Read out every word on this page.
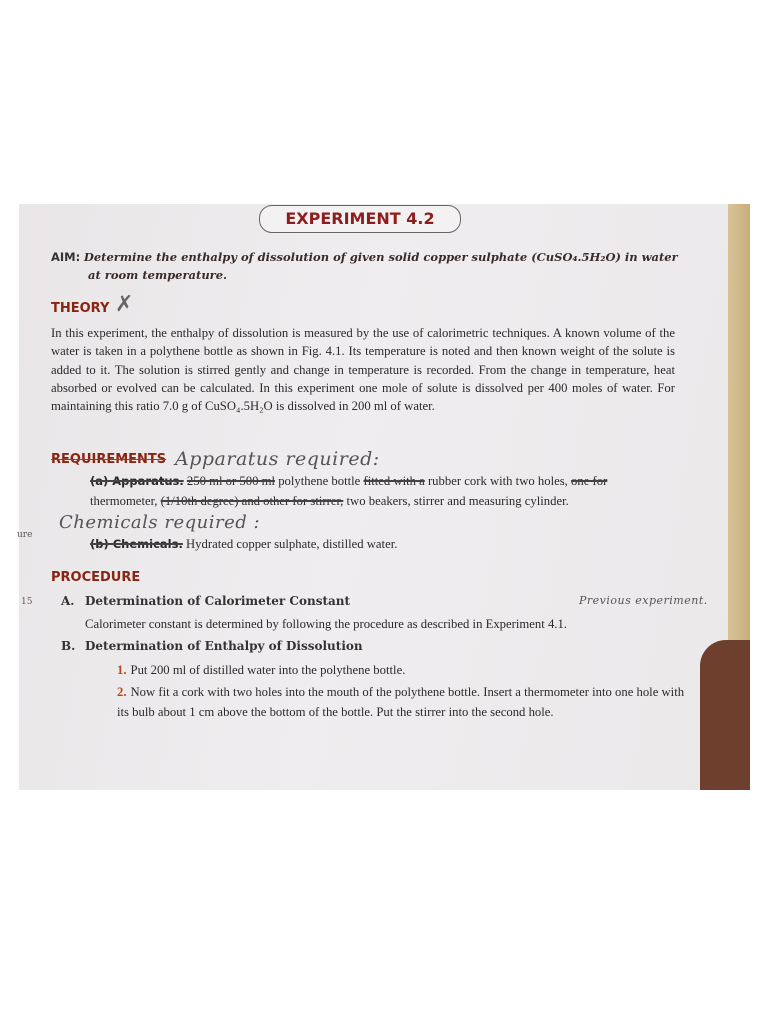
ure
15
EXPERIMENT 4.2
AIM: Determine the enthalpy of dissolution of given solid copper sulphate (CuSO₄.5H₂O) in water
at room temperature.
THEORY ✗

In this experiment, the enthalpy of dissolution is measured by the use of calorimetric techniques. A known volume of the water is taken in a polythene bottle as shown in Fig. 4.1. Its temperature is noted and then known weight of the solute is added to it. The solution is stirred gently and change in temperature is recorded. From the change in temperature, heat absorbed or evolved can be calculated. In this experiment one mole of solute is dissolved per 400 moles of water. For maintaining this ratio 7.0 g of CuSO₄.5H₂O is dissolved in 200 ml of water.

REQUIREMENTS Apparatus required:

(a) Apparatus. 250 ml or 500 ml polythene bottle fitted with a rubber cork with two holes, one for thermometer, (1/10th degree) and other for stirrer, two beakers, stirrer and measuring cylinder.

Chemicals required :

(b) Chemicals. Hydrated copper sulphate, distilled water.

PROCEDURE
A. Determination of Calorimeter Constant	Previous experiment.

Calorimeter constant is determined by following the procedure as described in Experiment 4.1.

B. Determination of Enthalpy of Dissolution
1. Put 200 ml of distilled water into the polythene bottle.
2. Now fit a cork with two holes into the mouth of the polythene bottle. Insert a thermometer into one hole with its bulb about 1 cm above the bottom of the bottle. Put the stirrer into the second hole.
